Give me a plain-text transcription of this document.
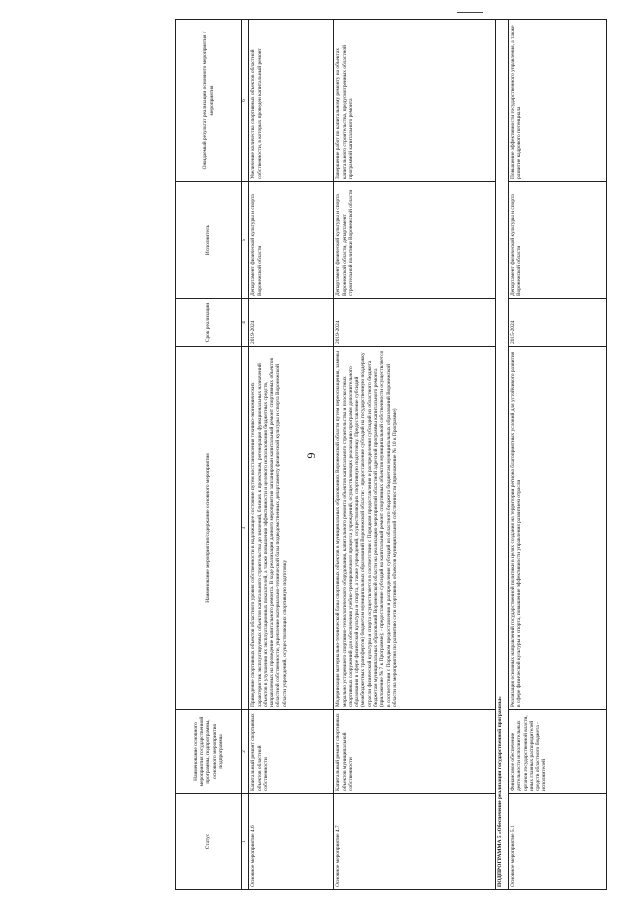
6
Статус	Наименование основного мероприятия государственной программы, подпрограммы, основного мероприятия подпрограммы	Наименование мероприятия/содержание основного мероприятия	Срок реализации	Исполнитель	Ожидаемый результат реализации основного мероприятия /мероприятия
1	2	3	4	5	6
Основное мероприятие 4.6	Капитальный ремонт спортивных объектов областной собственности	Приведение спортивных объектов областного уровня собственности в надлежащее состояние путем восстановления технико-экономических характеристик эксплуатируемых объектов капитального строительства до значений, близких к проектным, регенерация функциональных назначений объектов в улучшения их эксплуатационных показателей, а также повышения эффективности и целевого использования бюджетных средств, направляемых на проведение капитального ремонта. В ходе реализации данного мероприятия запланирован капитальный ремонт спортивных объектов областной собственности, укрепление материально-технической базы подведомственных департаменту физической культуры и спорта Воронежской области учреждений, осуществляющих спортивную подготовку	2019-2024	Департамент физической культуры и спорта Воронежской области	Увеличение количества спортивных объектов областной собственности, в которых проведен капитальный ремонт
Основное мероприятие 4.7	Капитальный ремонт спортивных объектов муниципальной собственности	Модернизация материально-технической базы спортивных объектов в муниципальных образованиях Воронежской области путем переоснащения, замены морально устаревшего спортивно-технологического оборудования, капитального ремонта объектов капитального строительства и плоскостных спортивных сооружений для обеспечения учебно-тренировочного процесса учреждений, осуществляющих реализацию программ дополнительного образования в сфере физической культуры и спорта, а также учреждений, осуществляющих спортивную подготовку. Предоставление субсидий (межбюджетных трансфертов) бюджетам муниципальных образований Воронежской области: - предоставление субсидий на государственную поддержку отрасли физической культуры и спорта осуществляется в соответствии с Порядком предоставления и распределения субсидий из областного бюджета бюджетам муниципальных образований Воронежской области на реализацию мероприятий областной адресной программы капитального ремонта (приложение № 7 к Программе); - предоставление субсидий на капитальный ремонт спортивных объектов муниципальной собственности осуществляется в соответствии с Порядком предоставления и распределения субсидий из областного бюджета бюджетам муниципальных образований Воронежской области на мероприятия по развитию сети спортивных объектов муниципальной собственности (приложение № 10 к Программе)	2019-2024	Департамент физической культуры и спорта Воронежской области, департамент строительной политики Воронежской области	Завершение работ по капитальному ремонту на объектах капитального строительства, предусмотренных областной программой капитального ремонта
ПОДПРОГРАММА 5 «Обеспечение реализации государственной программы»					
Основное мероприятие 5.1	Финансовое обеспечение деятельности исполнительных органов государственной власти, иных главных распорядителей средств областного бюджета - исполнителей	Реализация основных направлений государственной политики в целях создания на территории региона благоприятных условий для устойчивого развития в сфере физической культуры и спорта, повышение эффективности управления развитием отрасли	2015-2024	Департамент физической культуры и спорта Воронежской области	Повышение эффективности государственного управления, а также развитие кадрового потенциала
